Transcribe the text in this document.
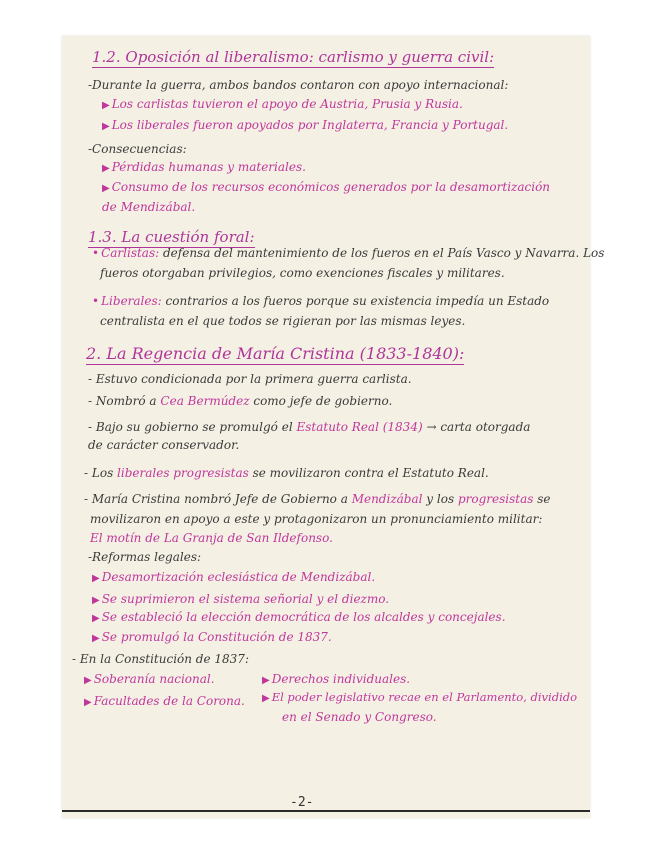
1.2. Oposición al liberalismo: carlismo y guerra civil:
-Durante la guerra, ambos bandos contaron con apoyo internacional:
▶ Los carlistas tuvieron el apoyo de Austria, Prusia y Rusia.
▶ Los liberales fueron apoyados por Inglaterra, Francia y Portugal.
-Consecuencias:
▶ Pérdidas humanas y materiales.
▶ Consumo de los recursos económicos generados por la desamortización
de Mendizábal.
1.3. La cuestión foral:
• Carlistas: defensa del mantenimiento de los fueros en el País Vasco y Navarra. Los
fueros otorgaban privilegios, como exenciones fiscales y militares.
• Liberales: contrarios a los fueros porque su existencia impedía un Estado
centralista en el que todos se rigieran por las mismas leyes.
2. La Regencia de María Cristina (1833-1840):
- Estuvo condicionada por la primera guerra carlista.
- Nombró a Cea Bermúdez como jefe de gobierno.
- Bajo su gobierno se promulgó el Estatuto Real (1834) → carta otorgada
de carácter conservador.
- Los liberales progresistas se movilizaron contra el Estatuto Real.
- María Cristina nombró Jefe de Gobierno a Mendizábal y los progresistas se
movilizaron en apoyo a este y protagonizaron un pronunciamiento militar:
El motín de La Granja de San Ildefonso.
-Reformas legales:
▶ Desamortización eclesiástica de Mendizábal.
▶ Se suprimieron el sistema señorial y el diezmo.
▶ Se estableció la elección democrática de los alcaldes y concejales.
▶ Se promulgó la Constitución de 1837.
- En la Constitución de 1837:
▶ Soberanía nacional.	▶ Derechos individuales.
▶ Facultades de la Corona. ▶ El poder legislativo recae en el Parlamento, dividido
en el Senado y Congreso.
-2-
